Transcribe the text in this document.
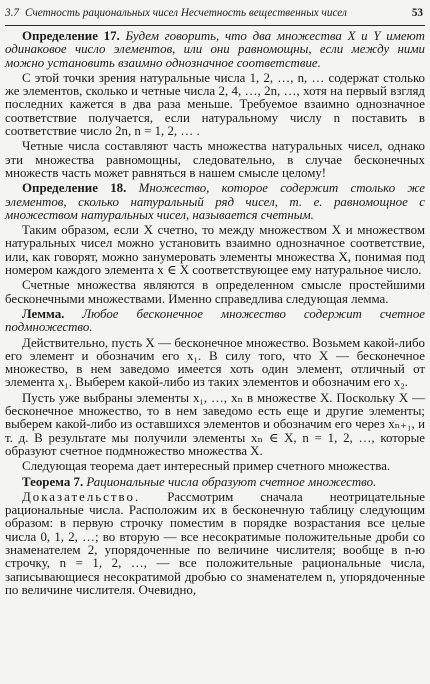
3.7 Счетность рациональных чисел Несчетность вещественных чисел	53

Определение 17. Будем говорить, что два множества X и Y имеют одинаковое число элементов, или они равномощны, если между ними можно установить взаимно однозначное соответствие.

С этой точки зрения натуральные числа 1, 2, …, n, … содержат столько же элементов, сколько и четные числа 2, 4, …, 2n, …, хотя на первый взгляд последних кажется в два раза меньше. Требуемое взаимно однозначное соответствие получается, если натуральному числу n поставить в соответствие число 2n, n = 1, 2, … .

Четные числа составляют часть множества натуральных чисел, однако эти множества равномощны, следовательно, в случае бесконечных множеств часть может равняться в нашем смысле целому!

Определение 18. Множество, которое содержит столько же элементов, сколько натуральный ряд чисел, т. е. равномощное с множеством натуральных чисел, называется счетным.

Таким образом, если X счетно, то между множеством X и множеством натуральных чисел можно установить взаимно однозначное соответствие, или, как говорят, можно занумеровать элементы множества X, понимая под номером каждого элемента x ∈ X соответствующее ему натуральное число.

Счетные множества являются в определенном смысле простейшими бесконечными множествами. Именно справедлива следующая лемма.

Лемма. Любое бесконечное множество содержит счетное подмножество.

Действительно, пусть X — бесконечное множество. Возьмем какой-либо его элемент и обозначим его x₁. В силу того, что X — бесконечное множество, в нем заведомо имеется хоть один элемент, отличный от элемента x₁. Выберем какой-либо из таких элементов и обозначим его x₂.

Пусть уже выбраны элементы x₁, …, xₙ в множестве X. Поскольку X — бесконечное множество, то в нем заведомо есть еще и другие элементы; выберем какой-либо из оставшихся элементов и обозначим его через xₙ₊₁, и т. д. В результате мы получили элементы xₙ ∈ X, n = 1, 2, …, которые образуют счетное подмножество множества X.

Следующая теорема дает интересный пример счетного множества.

Теорема 7. Рациональные числа образуют счетное множество.

Доказательство. Рассмотрим сначала неотрицательные рациональные числа. Расположим их в бесконечную таблицу следующим образом: в первую строчку поместим в порядке возрастания все целые числа 0, 1, 2, …; во вторую — все несократимые положительные дроби со знаменателем 2, упорядоченные по величине числителя; вообще в n-ю строчку, n = 1, 2, …, — все положительные рациональные числа, записывающиеся несократимой дробью со знаменателем n, упорядоченные по величине числителя. Очевидно,
